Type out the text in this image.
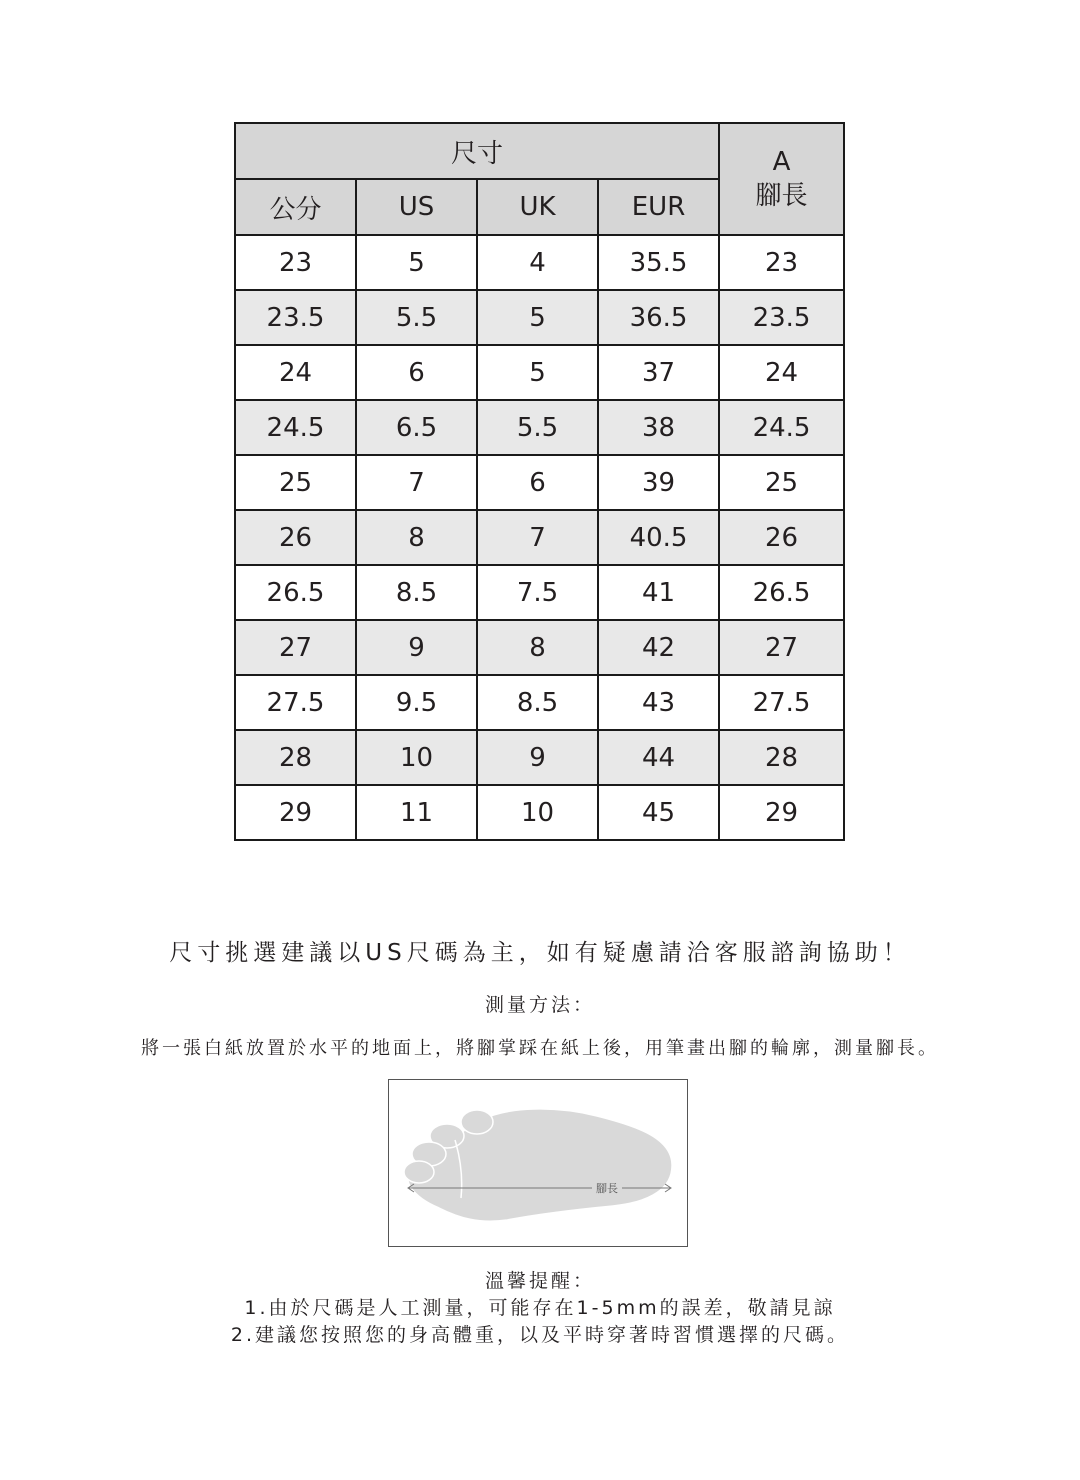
尺寸				A
腳長

公分	US	UK	EUR	
23	5	4	35.5	23
23.5	5.5	5	36.5	23.5
24	6	5	37	24
24.5	6.5	5.5	38	24.5
25	7	6	39	25
26	8	7	40.5	26
26.5	8.5	7.5	41	26.5
27	9	8	42	27
27.5	9.5	8.5	43	27.5
28	10	9	44	28
29	11	10	45	29
尺寸挑選建議以US尺碼為主，如有疑慮請洽客服諮詢協助！
測量方法：
將一張白紙放置於水平的地面上，將腳掌踩在紙上後，用筆畫出腳的輪廓，測量腳長。
腳長
溫馨提醒：
1.由於尺碼是人工測量，可能存在1-5mm的誤差，敬請見諒
2.建議您按照您的身高體重，以及平時穿著時習慣選擇的尺碼。
